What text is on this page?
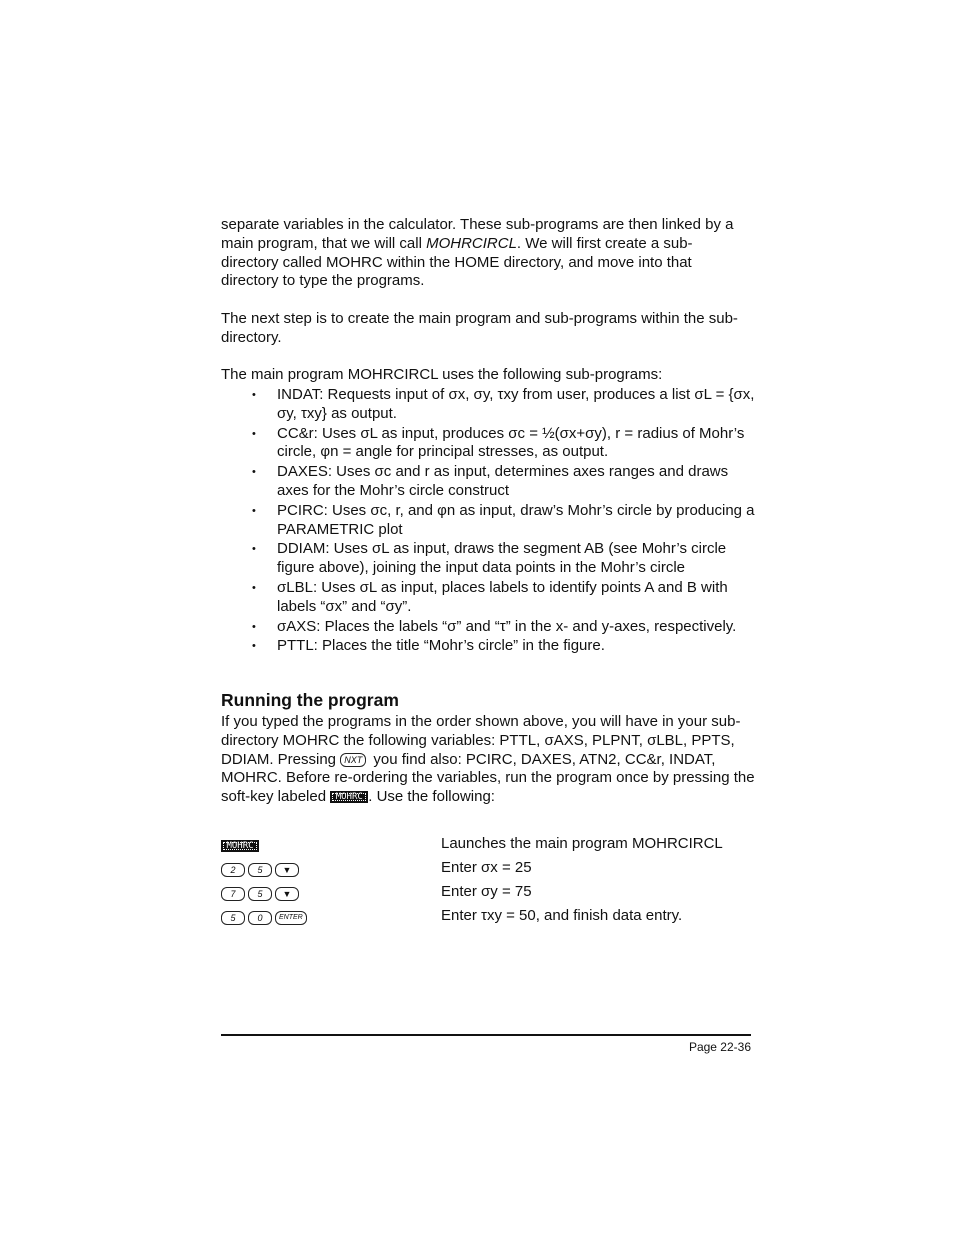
separate variables in the calculator. These sub-programs are then linked by a
main program, that we will call MOHRCIRCL. We will first create a sub-
directory called MOHRC within the HOME directory, and move into that
directory to type the programs.

The next step is to create the main program and sub-programs within the sub-directory.

The main program MOHRCIRCL uses the following sub-programs:

• INDAT: Requests input of σx, σy, τxy from user, produces a list σL = {σx, σy, τxy} as output.
• CC&r: Uses σL as input, produces σc = ½(σx+σy), r = radius of Mohr’s circle, φn = angle for principal stresses, as output.
• DAXES: Uses σc and r as input, determines axes ranges and draws axes for the Mohr’s circle construct
• PCIRC: Uses σc, r, and φn as input, draw’s Mohr’s circle by producing a PARAMETRIC plot
• DDIAM: Uses σL as input, draws the segment AB (see Mohr’s circle figure above), joining the input data points in the Mohr’s circle
• σLBL: Uses σL as input, places labels to identify points A and B with labels “σx” and “σy”.
• σAXS: Places the labels “σ” and “τ” in the x- and y-axes, respectively.
• PTTL: Places the title “Mohr’s circle” in the figure.
Running the program

If you typed the programs in the order shown above, you will have in your sub-directory MOHRC the following variables: PTTL, σAXS, PLPNT, σLBL, PPTS, DDIAM. Pressing NXT you find also: PCIRC, DAXES, ATN2, CC&r, INDAT, MOHRC. Before re-ordering the variables, run the program once by pressing the soft-key labeled MOHRC . Use the following:

MOHRC	Launches the main program MOHRCIRCL
2 5 ▼	Enter σx = 25
7 5 ▼	Enter σy = 75
5 0 ENTER	Enter τxy = 50, and finish data entry.
Page 22-36
